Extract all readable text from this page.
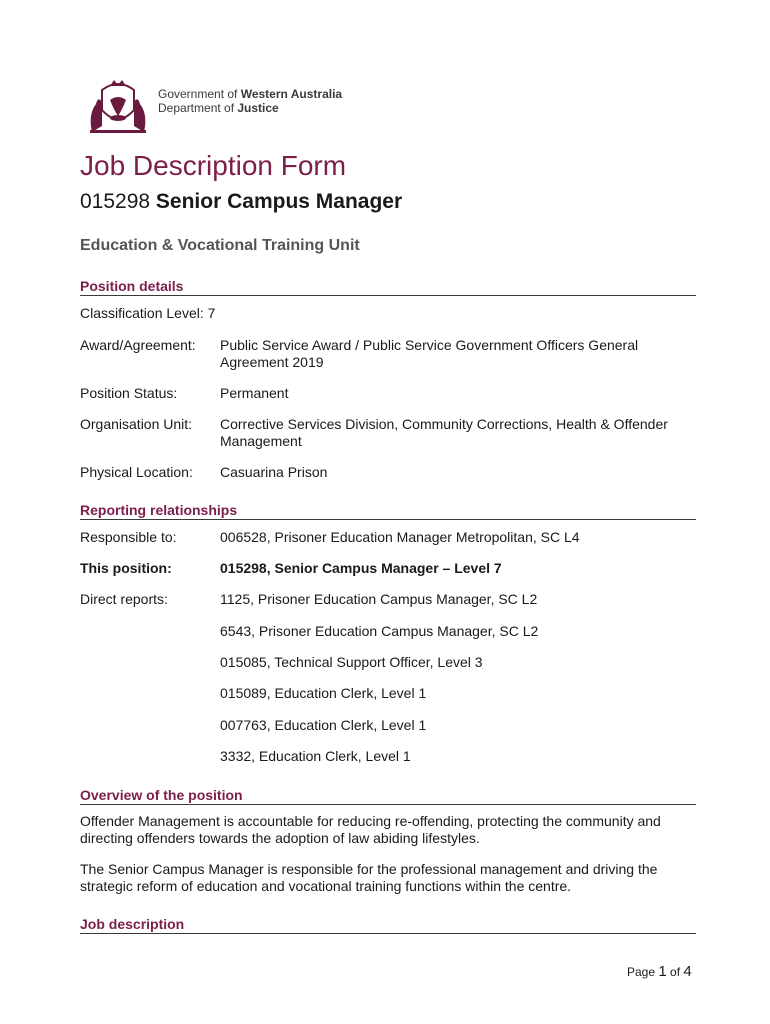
Government of Western Australia
Department of Justice
Job Description Form
015298 Senior Campus Manager
Education & Vocational Training Unit
Position details
Classification Level: 7
Award/Agreement: Public Service Award / Public Service Government Officers General Agreement 2019
Position Status:	Permanent
Organisation Unit: Corrective Services Division, Community Corrections, Health & Offender Management
Physical Location: Casuarina Prison
Reporting relationships
Responsible to:	006528, Prisoner Education Manager Metropolitan, SC L4
This position:	015298, Senior Campus Manager – Level 7
Direct reports:	1125, Prisoner Education Campus Manager, SC L2
6543, Prisoner Education Campus Manager, SC L2
015085, Technical Support Officer, Level 3
015089, Education Clerk, Level 1
007763, Education Clerk, Level 1
3332, Education Clerk, Level 1
Overview of the position

Offender Management is accountable for reducing re-offending, protecting the community and directing offenders towards the adoption of law abiding lifestyles.

The Senior Campus Manager is responsible for the professional management and driving the strategic reform of education and vocational training functions within the centre.

Job description
Page 1 of 4
